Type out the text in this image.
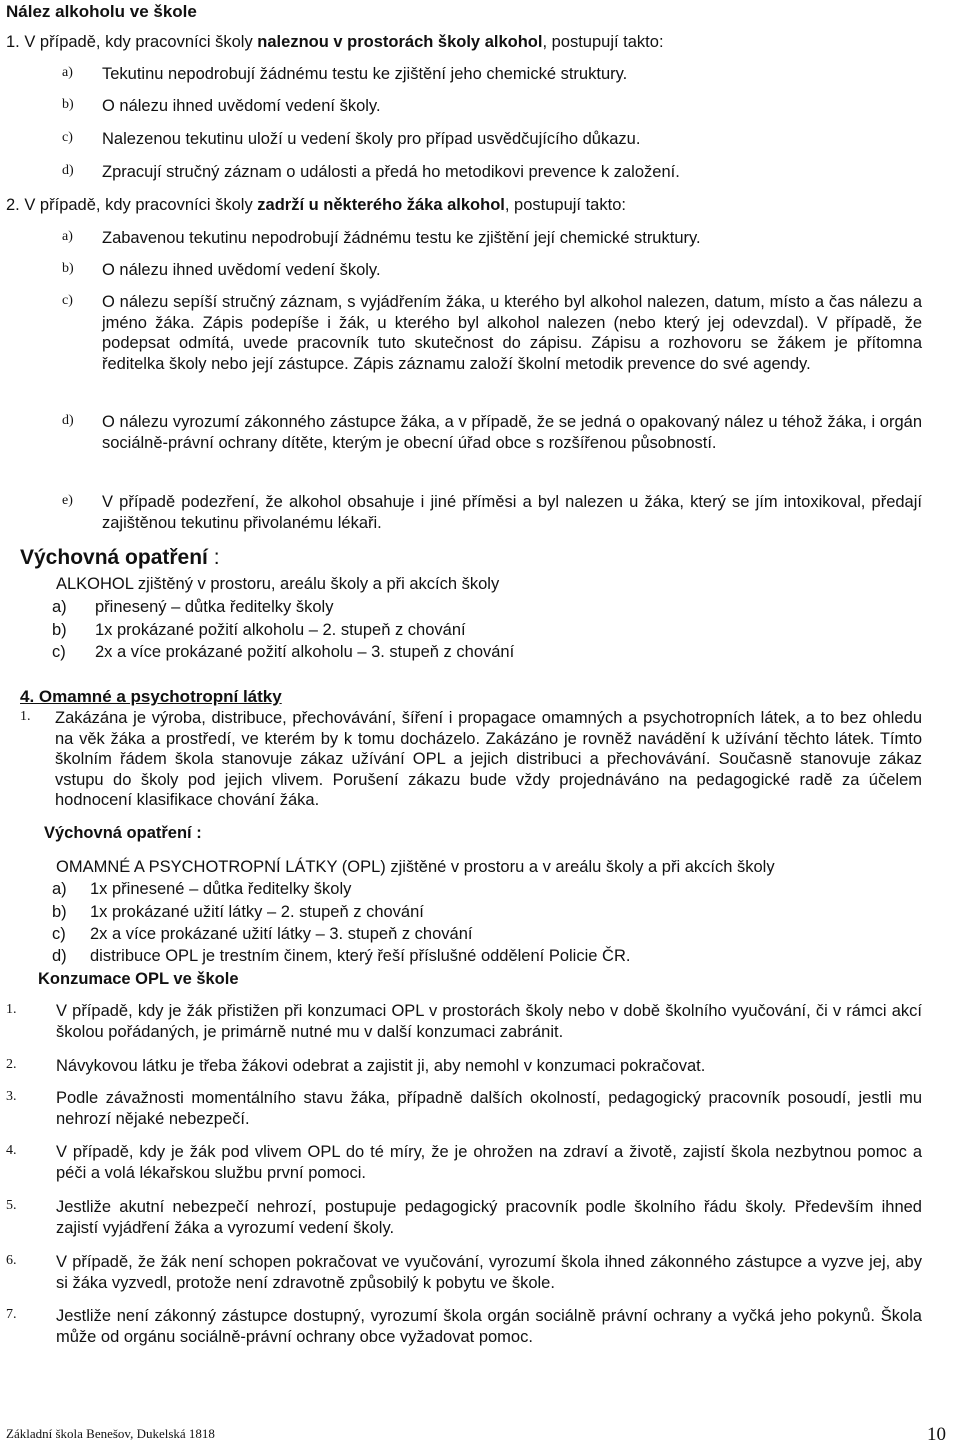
Nález alkoholu ve škole
1. V případě, kdy pracovníci školy naleznou v prostorách školy alkohol, postupují takto:
a)	Tekutinu nepodrobují žádnému testu ke zjištění jeho chemické struktury.
b)	O nálezu ihned uvědomí vedení školy.
c)	Nalezenou tekutinu uloží u vedení školy pro případ usvědčujícího důkazu.
d)	Zpracují stručný záznam o události a předá ho metodikovi prevence k založení.
2. V případě, kdy pracovníci školy zadrží u některého žáka alkohol, postupují takto:
a)	Zabavenou tekutinu nepodrobují žádnému testu ke zjištění její chemické struktury.
b)	O nálezu ihned uvědomí vedení školy.
c)	O nálezu sepíší stručný záznam, s vyjádřením žáka, u kterého byl alkohol nalezen, datum, místo a čas nálezu a jméno žáka. Zápis podepíše i žák, u kterého byl alkohol nalezen (nebo který jej odevzdal). V případě, že podepsat odmítá, uvede pracovník tuto skutečnost do zápisu. Zápisu a rozhovoru se žákem je přítomna ředitelka školy nebo její zástupce. Zápis záznamu založí školní metodik prevence do své agendy.
d)	O nálezu vyrozumí zákonného zástupce žáka, a v případě, že se jedná o opakovaný nález u téhož žáka, i orgán sociálně-právní ochrany dítěte, kterým je obecní úřad obce s rozšířenou působností.
e)	V případě podezření, že alkohol obsahuje i jiné příměsi a byl nalezen u žáka, který se jím intoxikoval, předají zajištěnou tekutinu přivolanému lékaři.
Výchovná opatření :
ALKOHOL zjištěný v prostoru, areálu školy a při akcích školy
a) přinesený – důtka ředitelky školy
b) 1x prokázané požití alkoholu – 2. stupeň z chování
c) 2x a více prokázané požití alkoholu – 3. stupeň z chování
4. Omamné a psychotropní látky
1.	Zakázána je výroba, distribuce, přechovávání, šíření i propagace omamných a psychotropních látek, a to bez ohledu na věk žáka a prostředí, ve kterém by k tomu docházelo. Zakázáno je rovněž navádění k užívání těchto látek. Tímto školním řádem škola stanovuje zákaz užívání OPL a jejich distribuci a přechovávání. Současně stanovuje zákaz vstupu do školy pod jejich vlivem. Porušení zákazu bude vždy projednáváno na pedagogické radě za účelem hodnocení klasifikace chování žáka.
Výchovná opatření :
OMAMNÉ A PSYCHOTROPNÍ LÁTKY (OPL) zjištěné v prostoru a v areálu školy a při akcích školy
a) 1x přinesené – důtka ředitelky školy
b) 1x prokázané užití látky – 2. stupeň z chování
c) 2x a více prokázané užití látky – 3. stupeň z chování
d) distribuce OPL je trestním činem, který řeší příslušné oddělení Policie ČR.
Konzumace OPL ve škole
1.	V případě, kdy je žák přistižen při konzumaci OPL v prostorách školy nebo v době školního vyučování, či v rámci akcí školou pořádaných, je primárně nutné mu v další konzumaci zabránit.
2.	Návykovou látku je třeba žákovi odebrat a zajistit ji, aby nemohl v konzumaci pokračovat.
3.	Podle závažnosti momentálního stavu žáka, případně dalších okolností, pedagogický pracovník posoudí, jestli mu nehrozí nějaké nebezpečí.
4.	V případě, kdy je žák pod vlivem OPL do té míry, že je ohrožen na zdraví a životě, zajistí škola nezbytnou pomoc a péči a volá lékařskou službu první pomoci.
5.	Jestliže akutní nebezpečí nehrozí, postupuje pedagogický pracovník podle školního řádu školy. Především ihned zajistí vyjádření žáka a vyrozumí vedení školy.
6.	V případě, že žák není schopen pokračovat ve vyučování, vyrozumí škola ihned zákonného zástupce a vyzve jej, aby si žáka vyzvedl, protože není zdravotně způsobilý k pobytu ve škole.
7.	Jestliže není zákonný zástupce dostupný, vyrozumí škola orgán sociálně právní ochrany a vyčká jeho pokynů. Škola může od orgánu sociálně-právní ochrany obce vyžadovat pomoc.
Základní škola Benešov, Dukelská 1818	10
